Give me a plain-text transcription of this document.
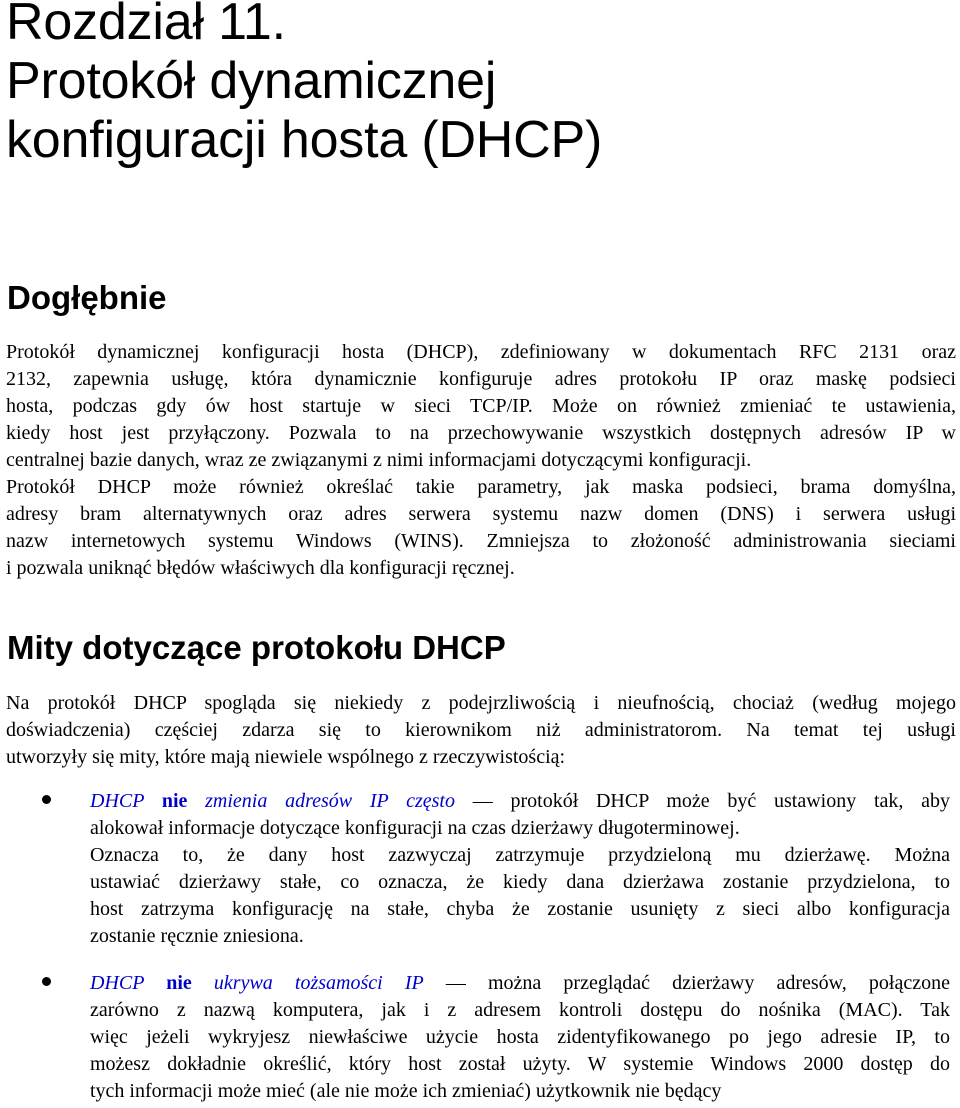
Rozdział 11.
Protokół dynamicznej
konfiguracji hosta (DHCP)
Dogłębnie
Protokół dynamicznej konfiguracji hosta (DHCP), zdefiniowany w dokumentach RFC 2131 oraz
2132, zapewnia usługę, która dynamicznie konfiguruje adres protokołu IP oraz maskę podsieci
hosta, podczas gdy ów host startuje w sieci TCP/IP. Może on również zmieniać te ustawienia,
kiedy host jest przyłączony. Pozwala to na przechowywanie wszystkich dostępnych adresów IP w
centralnej bazie danych, wraz ze związanymi z nimi informacjami dotyczącymi konfiguracji.
Protokół DHCP może również określać takie parametry, jak maska podsieci, brama domyślna,
adresy bram alternatywnych oraz adres serwera systemu nazw domen (DNS) i serwera usługi
nazw internetowych systemu Windows (WINS). Zmniejsza to złożoność administrowania sieciami
i pozwala uniknąć błędów właściwych dla konfiguracji ręcznej.
Mity dotyczące protokołu DHCP
Na protokół DHCP spogląda się niekiedy z podejrzliwością i nieufnością, chociaż (według mojego
doświadczenia) częściej zdarza się to kierownikom niż administratorom. Na temat tej usługi
utworzyły się mity, które mają niewiele wspólnego z rzeczywistością:
DHCP nie zmienia adresów IP często — protokół DHCP może być ustawiony tak, aby
alokował informacje dotyczące konfiguracji na czas dzierżawy długoterminowej.
Oznacza to, że dany host zazwyczaj zatrzymuje przydzieloną mu dzierżawę. Można
ustawiać dzierżawy stałe, co oznacza, że kiedy dana dzierżawa zostanie przydzielona, to
host zatrzyma konfigurację na stałe, chyba że zostanie usunięty z sieci albo konfiguracja
zostanie ręcznie zniesiona.
DHCP nie ukrywa tożsamości IP — można przeglądać dzierżawy adresów, połączone
zarówno z nazwą komputera, jak i z adresem kontroli dostępu do nośnika (MAC). Tak
więc jeżeli wykryjesz niewłaściwe użycie hosta zidentyfikowanego po jego adresie IP, to
możesz dokładnie określić, który host został użyty. W systemie Windows 2000 dostęp do
tych informacji może mieć (ale nie może ich zmieniać) użytkownik nie będący
